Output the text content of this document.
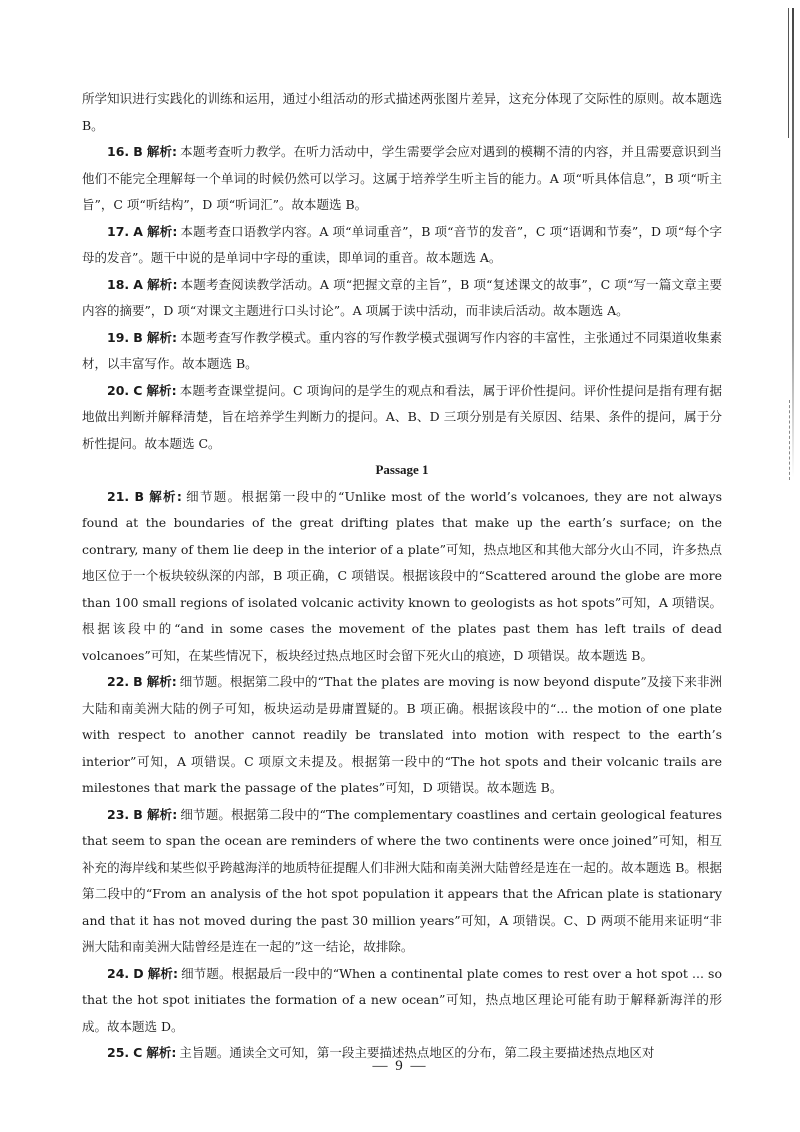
所学知识进行实践化的训练和运用，通过小组活动的形式描述两张图片差异，这充分体现了交际性的原则。故本题选 B。

16. B 解析: 本题考查听力教学。在听力活动中，学生需要学会应对遇到的模糊不清的内容，并且需要意识到当他们不能完全理解每一个单词的时候仍然可以学习。这属于培养学生听主旨的能力。A 项“听具体信息”，B 项“听主旨”，C 项“听结构”，D 项“听词汇”。故本题选 B。

17. A 解析: 本题考查口语教学内容。A 项“单词重音”，B 项“音节的发音”，C 项“语调和节奏”，D 项“每个字母的发音”。题干中说的是单词中字母的重读，即单词的重音。故本题选 A。

18. A 解析: 本题考查阅读教学活动。A 项“把握文章的主旨”，B 项“复述课文的故事”，C 项“写一篇文章主要内容的摘要”，D 项“对课文主题进行口头讨论”。A 项属于读中活动，而非读后活动。故本题选 A。

19. B 解析: 本题考查写作教学模式。重内容的写作教学模式强调写作内容的丰富性，主张通过不同渠道收集素材，以丰富写作。故本题选 B。

20. C 解析: 本题考查课堂提问。C 项询问的是学生的观点和看法，属于评价性提问。评价性提问是指有理有据地做出判断并解释清楚，旨在培养学生判断力的提问。A、B、D 三项分别是有关原因、结果、条件的提问，属于分析性提问。故本题选 C。

Passage 1

21. B 解析: 细节题。根据第一段中的“Unlike most of the world’s volcanoes, they are not always found at the boundaries of the great drifting plates that make up the earth’s surface; on the contrary, many of them lie deep in the interior of a plate”可知，热点地区和其他大部分火山不同，许多热点地区位于一个板块较纵深的内部，B 项正确，C 项错误。根据该段中的“Scattered around the globe are more than 100 small regions of isolated volcanic activity known to geologists as hot spots”可知，A 项错误。根据该段中的“and in some cases the movement of the plates past them has left trails of dead volcanoes”可知，在某些情况下，板块经过热点地区时会留下死火山的痕迹，D 项错误。故本题选 B。

22. B 解析: 细节题。根据第二段中的“That the plates are moving is now beyond dispute”及接下来非洲大陆和南美洲大陆的例子可知，板块运动是毋庸置疑的。B 项正确。根据该段中的“... the motion of one plate with respect to another cannot readily be translated into motion with respect to the earth’s interior”可知，A 项错误。C 项原文未提及。根据第一段中的“The hot spots and their volcanic trails are milestones that mark the passage of the plates”可知，D 项错误。故本题选 B。

23. B 解析: 细节题。根据第二段中的“The complementary coastlines and certain geological features that seem to span the ocean are reminders of where the two continents were once joined”可知，相互补充的海岸线和某些似乎跨越海洋的地质特征提醒人们非洲大陆和南美洲大陆曾经是连在一起的。故本题选 B。根据第二段中的“From an analysis of the hot spot population it appears that the African plate is stationary and that it has not moved during the past 30 million years”可知，A 项错误。C、D 两项不能用来证明“非洲大陆和南美洲大陆曾经是连在一起的”这一结论，故排除。

24. D 解析: 细节题。根据最后一段中的“When a continental plate comes to rest over a hot spot ... so that the hot spot initiates the formation of a new ocean”可知，热点地区理论可能有助于解释新海洋的形成。故本题选 D。

25. C 解析: 主旨题。通读全文可知，第一段主要描述热点地区的分布，第二段主要描述热点地区对

— 9 —
